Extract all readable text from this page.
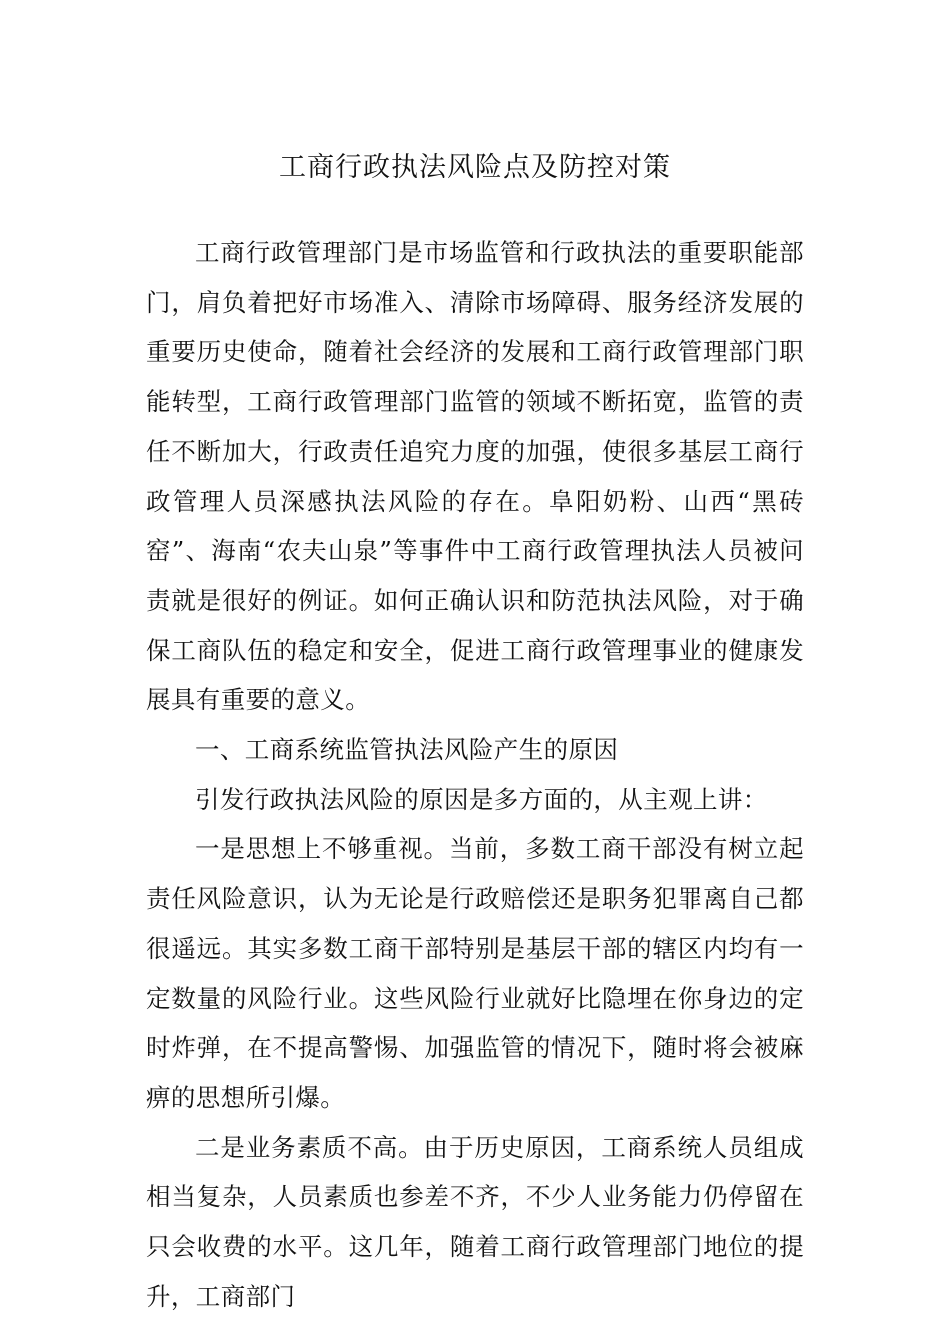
工商行政执法风险点及防控对策

工商行政管理部门是市场监管和行政执法的重要职能部门，肩负着把好市场准入、清除市场障碍、服务经济发展的重要历史使命，随着社会经济的发展和工商行政管理部门职能转型，工商行政管理部门监管的领域不断拓宽，监管的责任不断加大，行政责任追究力度的加强，使很多基层工商行政管理人员深感执法风险的存在。阜阳奶粉、山西“黑砖窑”、海南“农夫山泉”等事件中工商行政管理执法人员被问责就是很好的例证。如何正确认识和防范执法风险，对于确保工商队伍的稳定和安全，促进工商行政管理事业的健康发展具有重要的意义。

一、工商系统监管执法风险产生的原因

引发行政执法风险的原因是多方面的，从主观上讲：

一是思想上不够重视。当前，多数工商干部没有树立起责任风险意识，认为无论是行政赔偿还是职务犯罪离自己都很遥远。其实多数工商干部特别是基层干部的辖区内均有一定数量的风险行业。这些风险行业就好比隐埋在你身边的定时炸弹，在不提高警惕、加强监管的情况下，随时将会被麻痹的思想所引爆。

二是业务素质不高。由于历史原因，工商系统人员组成相当复杂，人员素质也参差不齐，不少人业务能力仍停留在只会收费的水平。这几年，随着工商行政管理部门地位的提升，工商部门
